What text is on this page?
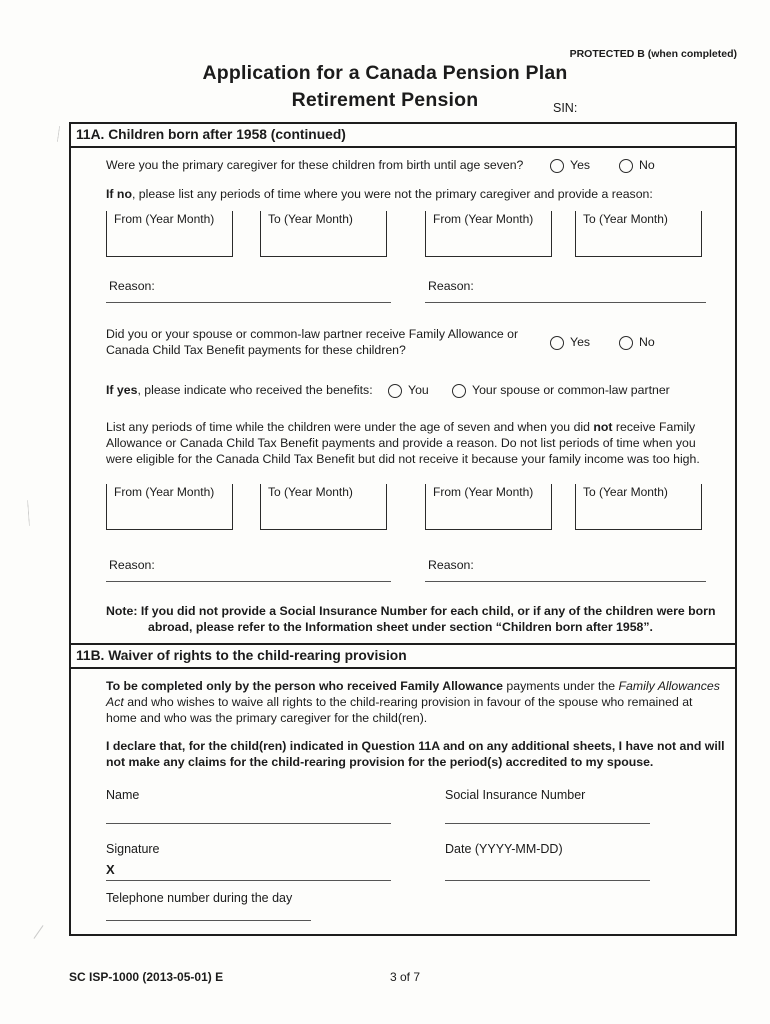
PROTECTED B (when completed)
Application for a Canada Pension Plan
Retirement Pension	SIN:
11A. Children born after 1958 (continued)
Were you the primary caregiver for these children from birth until age seven?	Yes	No
If no, please list any periods of time where you were not the primary caregiver and provide a reason:
From (Year Month)	To (Year Month)	From (Year Month)	To (Year Month)
Reason:	Reason:
Did you or your spouse or common-law partner receive Family Allowance or Canada Child Tax Benefit payments for these children?
Yes	No
If yes, please indicate who received the benefits:	You	Your spouse or common-law partner
List any periods of time while the children were under the age of seven and when you did not receive Family Allowance or Canada Child Tax Benefit payments and provide a reason. Do not list periods of time when you were eligible for the Canada Child Tax Benefit but did not receive it because your family income was too high.
From (Year Month)	To (Year Month)	From (Year Month)	To (Year Month)
Reason:	Reason:
Note: If you did not provide a Social Insurance Number for each child, or if any of the children were born abroad, please refer to the Information sheet under section “Children born after 1958”.
11B. Waiver of rights to the child-rearing provision
To be completed only by the person who received Family Allowance payments under the Family Allowances Act and who wishes to waive all rights to the child-rearing provision in favour of the spouse who remained at home and who was the primary caregiver for the child(ren).
I declare that, for the child(ren) indicated in Question 11A and on any additional sheets, I have not and will not make any claims for the child-rearing provision for the period(s) accredited to my spouse.
Name	Social Insurance Number
Signature	Date (YYYY-MM-DD)
X
Telephone number during the day
SC ISP-1000 (2013-05-01) E	3 of 7
